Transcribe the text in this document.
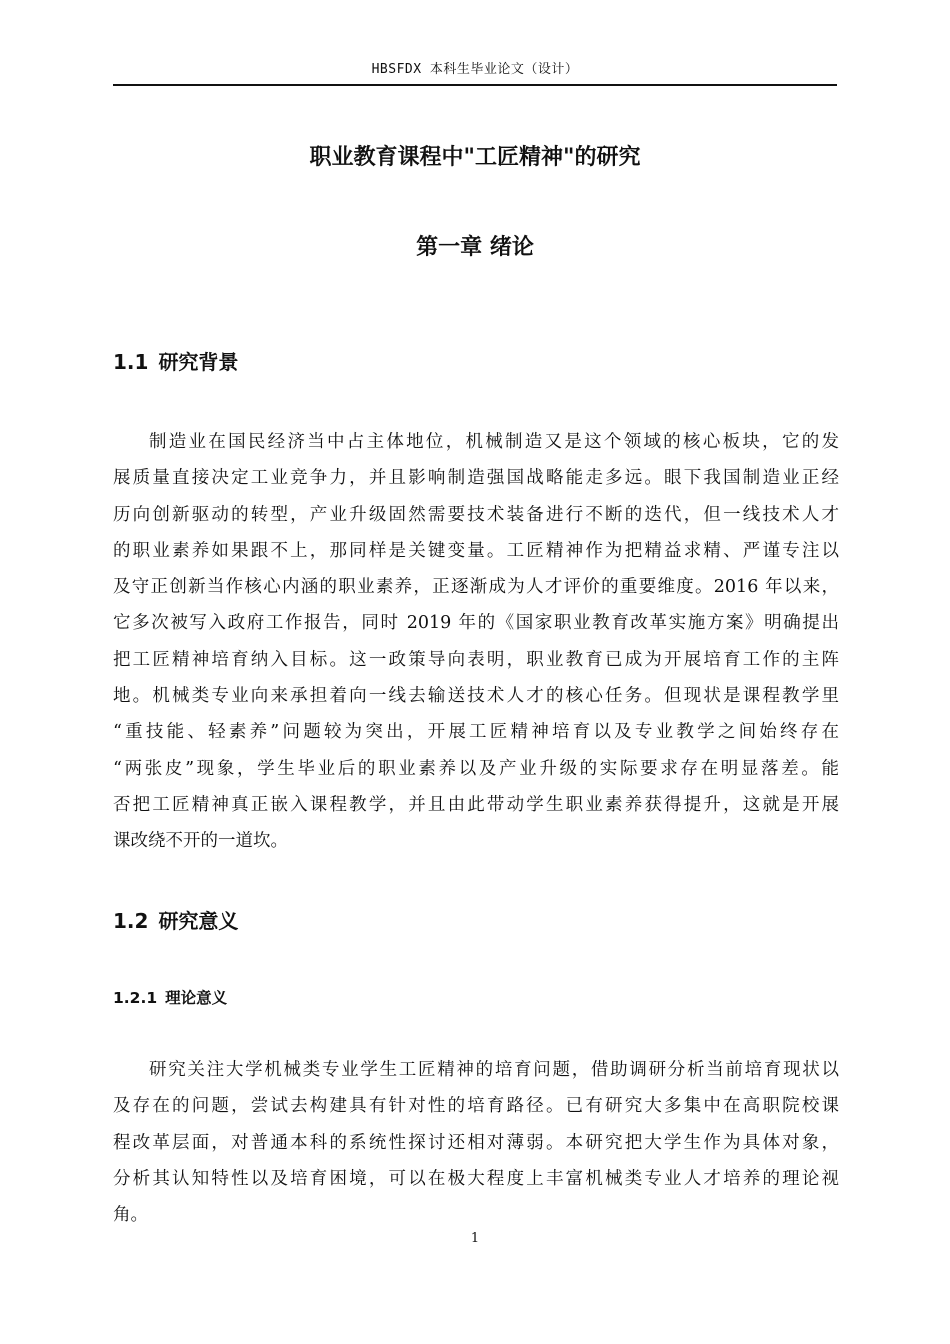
HBSFDX 本科生毕业论文（设计）
职业教育课程中"工匠精神"的研究
第一章 绪论
1.1 研究背景
制造业在国民经济当中占主体地位，机械制造又是这个领域的核心板块，它的发
展质量直接决定工业竞争力，并且影响制造强国战略能走多远。眼下我国制造业正经
历向创新驱动的转型，产业升级固然需要技术装备进行不断的迭代，但一线技术人才
的职业素养如果跟不上，那同样是关键变量。工匠精神作为把精益求精、严谨专注以
及守正创新当作核心内涵的职业素养，正逐渐成为人才评价的重要维度。2016 年以来，
它多次被写入政府工作报告，同时 2019 年的《国家职业教育改革实施方案》明确提出
把工匠精神培育纳入目标。这一政策导向表明，职业教育已成为开展培育工作的主阵
地。机械类专业向来承担着向一线去输送技术人才的核心任务。但现状是课程教学里
“重技能、轻素养”问题较为突出，开展工匠精神培育以及专业教学之间始终存在
“两张皮”现象，学生毕业后的职业素养以及产业升级的实际要求存在明显落差。能
否把工匠精神真正嵌入课程教学，并且由此带动学生职业素养获得提升，这就是开展
课改绕不开的一道坎。
1.2 研究意义
1.2.1 理论意义
研究关注大学机械类专业学生工匠精神的培育问题，借助调研分析当前培育现状以
及存在的问题，尝试去构建具有针对性的培育路径。已有研究大多集中在高职院校课
程改革层面，对普通本科的系统性探讨还相对薄弱。本研究把大学生作为具体对象，
分析其认知特性以及培育困境，可以在极大程度上丰富机械类专业人才培养的理论视
角。
1
